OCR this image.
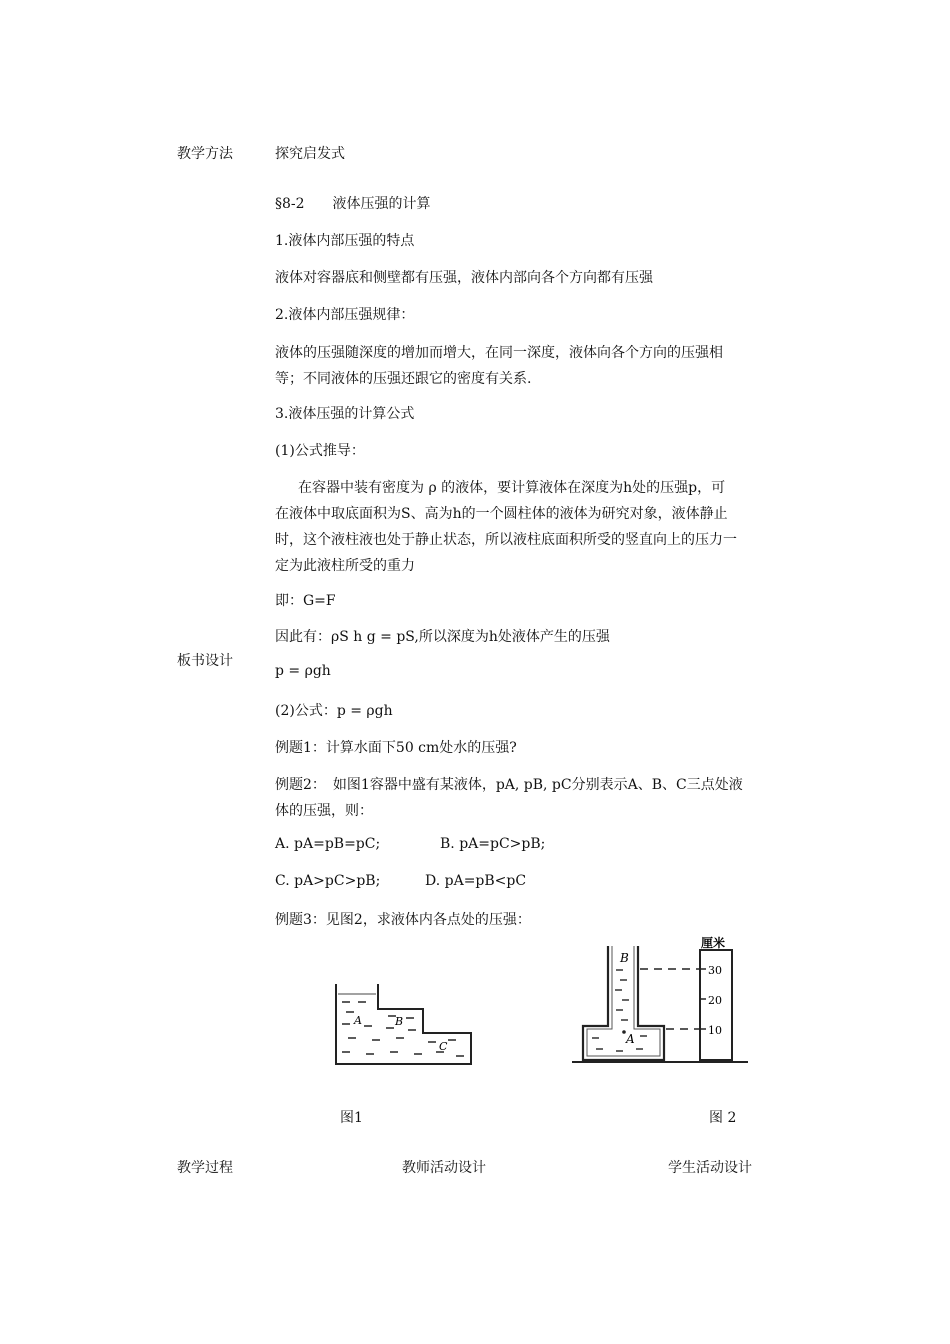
教学方法	探究启发式
板书设计
§8-2　　液体压强的计算
1.液体内部压强的特点
液体对容器底和侧壁都有压强，液体内部向各个方向都有压强
2.液体内部压强规律：
液体的压强随深度的增加而增大，在同一深度，液体向各个方向的压强相
等；不同液体的压强还跟它的密度有关系.
3.液体压强的计算公式
(1)公式推导：
在容器中装有密度为 ρ 的液体，要计算液体在深度为h处的压强p，可
在液体中取底面积为S、高为h的一个圆柱体的液体为研究对象，液体静止
时，这个液柱液也处于静止状态，所以液柱底面积所受的竖直向上的压力一
定为此液柱所受的重力
即：G=F
因此有：ρS h g = pS,所以深度为h处液体产生的压强
p = ρgh
(2)公式：p = ρgh
例题1：计算水面下50 cm处水的压强?
例题2：　如图1容器中盛有某液体，pA, pB, pC分别表示A、B、C三点处液
体的压强，则：
A. pA=pB=pC;	B. pA=pC>pB;
C. pA>pC>pB;	D. pA=pB<pC
例题3：见图2，求液体内各点处的压强：
A	B
C
B
A
厘米
30
20
10
图1	图 2
教学过程	教师活动设计	学生活动设计
